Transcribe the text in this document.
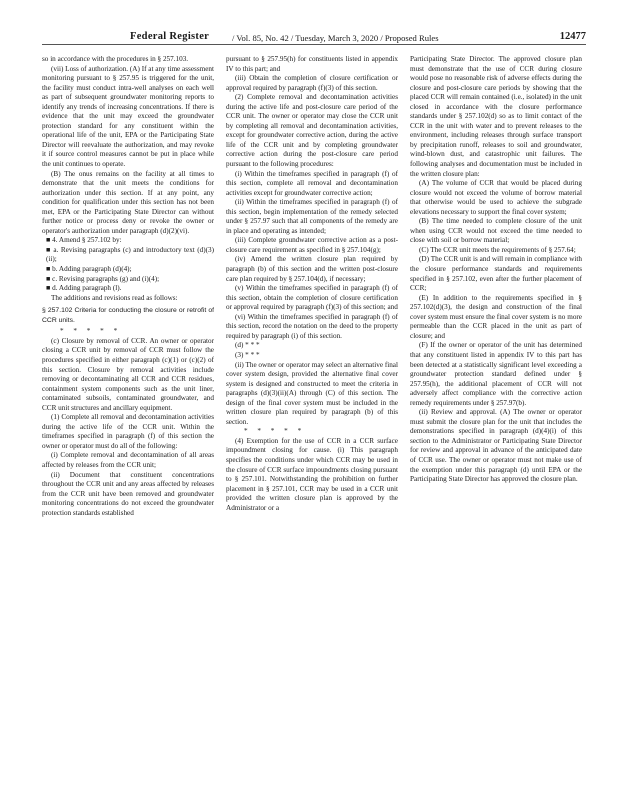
Federal Register	/ Vol. 85, No. 42 / Tuesday, March 3, 2020 / Proposed Rules	12477

so in accordance with the procedures in § 257.103.

(vii) Loss of authorization. (A) If at any time assessment monitoring pursuant to § 257.95 is triggered for the unit, the facility must conduct intra-well analyses on each well as part of subsequent groundwater monitoring reports to identify any trends of increasing concentrations. If there is evidence that the unit may exceed the groundwater protection standard for any constituent within the operational life of the unit, EPA or the Participating State Director will reevaluate the authorization, and may revoke it if source control measures cannot be put in place while the unit continues to operate.

(B) The onus remains on the facility at all times to demonstrate that the unit meets the conditions for authorization under this section. If at any point, any condition for qualification under this section has not been met, EPA or the Participating State Director can without further notice or process deny or revoke the owner or operator's authorization under paragraph (d)(2)(vi).

■ 4. Amend § 257.102 by:

■ a. Revising paragraphs (c) and introductory text (d)(3)(ii);

■ b. Adding paragraph (d)(4);

■ c. Revising paragraphs (g) and (i)(4);

■ d. Adding paragraph (l).

The additions and revisions read as follows:

§ 257.102 Criteria for conducting the closure or retrofit of CCR units.

* * * * *

(c) Closure by removal of CCR. An owner or operator closing a CCR unit by removal of CCR must follow the procedures specified in either paragraph (c)(1) or (c)(2) of this section. Closure by removal activities include removing or decontaminating all CCR and CCR residues, containment system components such as the unit liner, contaminated subsoils, contaminated groundwater, and CCR unit structures and ancillary equipment.

(1) Complete all removal and decontamination activities during the active life of the CCR unit. Within the timeframes specified in paragraph (f) of this section the owner or operator must do all of the following:

(i) Complete removal and decontamination of all areas affected by releases from the CCR unit;

(ii) Document that constituent concentrations throughout the CCR unit and any areas affected by releases from the CCR unit have been removed and groundwater monitoring concentrations do not exceed the groundwater protection standards established

pursuant to § 257.95(h) for constituents listed in appendix IV to this part; and

(iii) Obtain the completion of closure certification or approval required by paragraph (f)(3) of this section.

(2) Complete removal and decontamination activities during the active life and post-closure care period of the CCR unit. The owner or operator may close the CCR unit by completing all removal and decontamination activities, except for groundwater corrective action, during the active life of the CCR unit and by completing groundwater corrective action during the post-closure care period pursuant to the following procedures:

(i) Within the timeframes specified in paragraph (f) of this section, complete all removal and decontamination activities except for groundwater corrective action;

(ii) Within the timeframes specified in paragraph (f) of this section, begin implementation of the remedy selected under § 257.97 such that all components of the remedy are in place and operating as intended;

(iii) Complete groundwater corrective action as a post-closure care requirement as specified in § 257.104(g);

(iv) Amend the written closure plan required by paragraph (b) of this section and the written post-closure care plan required by § 257.104(d), if necessary;

(v) Within the timeframes specified in paragraph (f) of this section, obtain the completion of closure certification or approval required by paragraph (f)(3) of this section; and

(vi) Within the timeframes specified in paragraph (f) of this section, record the notation on the deed to the property required by paragraph (i) of this section.

(d) * * *

(3) * * *

(ii) The owner or operator may select an alternative final cover system design, provided the alternative final cover system is designed and constructed to meet the criteria in paragraphs (d)(3)(ii)(A) through (C) of this section. The design of the final cover system must be included in the written closure plan required by paragraph (b) of this section.

* * * * *

(4) Exemption for the use of CCR in a CCR surface impoundment closing for cause. (i) This paragraph specifies the conditions under which CCR may be used in the closure of CCR surface impoundments closing pursuant to § 257.101. Notwithstanding the prohibition on further placement in § 257.101, CCR may be used in a CCR unit provided the written closure plan is approved by the Administrator or a

Participating State Director. The approved closure plan must demonstrate that the use of CCR during closure would pose no reasonable risk of adverse effects during the closure and post-closure care periods by showing that the placed CCR will remain contained (i.e., isolated) in the unit closed in accordance with the closure performance standards under § 257.102(d) so as to limit contact of the CCR in the unit with water and to prevent releases to the environment, including releases through surface transport by precipitation runoff, releases to soil and groundwater, wind-blown dust, and catastrophic unit failures. The following analyses and documentation must be included in the written closure plan:

(A) The volume of CCR that would be placed during closure would not exceed the volume of borrow material that otherwise would be used to achieve the subgrade elevations necessary to support the final cover system;

(B) The time needed to complete closure of the unit when using CCR would not exceed the time needed to close with soil or borrow material;

(C) The CCR unit meets the requirements of § 257.64;

(D) The CCR unit is and will remain in compliance with the closure performance standards and requirements specified in § 257.102, even after the further placement of CCR;

(E) In addition to the requirements specified in § 257.102(d)(3), the design and construction of the final cover system must ensure the final cover system is no more permeable than the CCR placed in the unit as part of closure; and

(F) If the owner or operator of the unit has determined that any constituent listed in appendix IV to this part has been detected at a statistically significant level exceeding a groundwater protection standard defined under § 257.95(h), the additional placement of CCR will not adversely affect compliance with the corrective action remedy requirements under § 257.97(b).

(ii) Review and approval. (A) The owner or operator must submit the closure plan for the unit that includes the demonstrations specified in paragraph (d)(4)(i) of this section to the Administrator or Participating State Director for review and approval in advance of the anticipated date of CCR use. The owner or operator must not make use of the exemption under this paragraph (d) until EPA or the Participating State Director has approved the closure plan.
